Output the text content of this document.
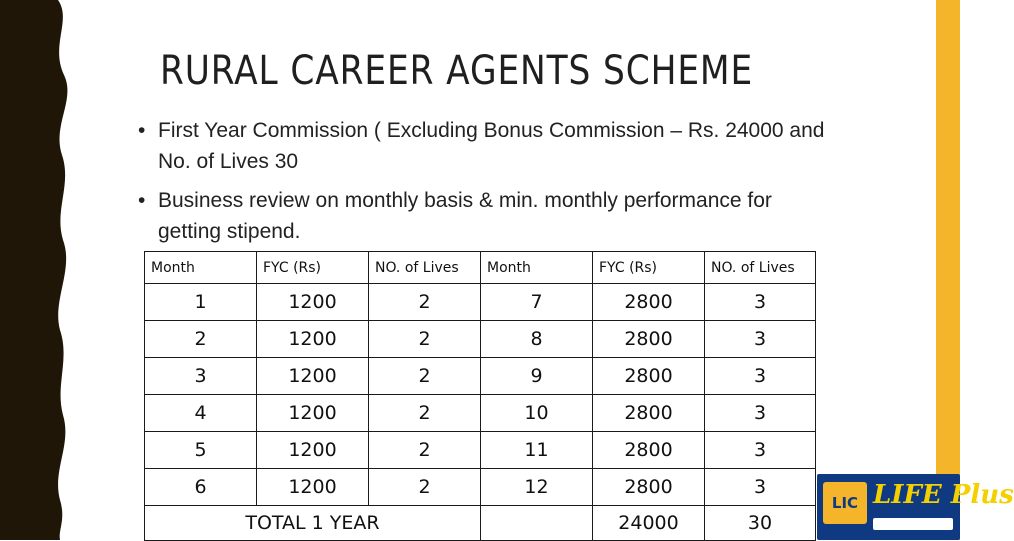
RURAL CAREER AGENTS SCHEME
• First Year Commission ( Excluding Bonus Commission – Rs. 24000 and No. of Lives 30
• Business review on monthly basis & min. monthly performance for getting stipend.
Month	FYC (Rs)	NO. of Lives	Month	FYC (Rs)	NO. of Lives
1	1200	2	7	2800	3
2	1200	2	8	2800	3
3	1200	2	9	2800	3
4	1200	2	10	2800	3
5	1200	2	11	2800	3
6	1200	2	12	2800	3
TOTAL 1 YEAR				24000	30
LIC LIFE Plus
